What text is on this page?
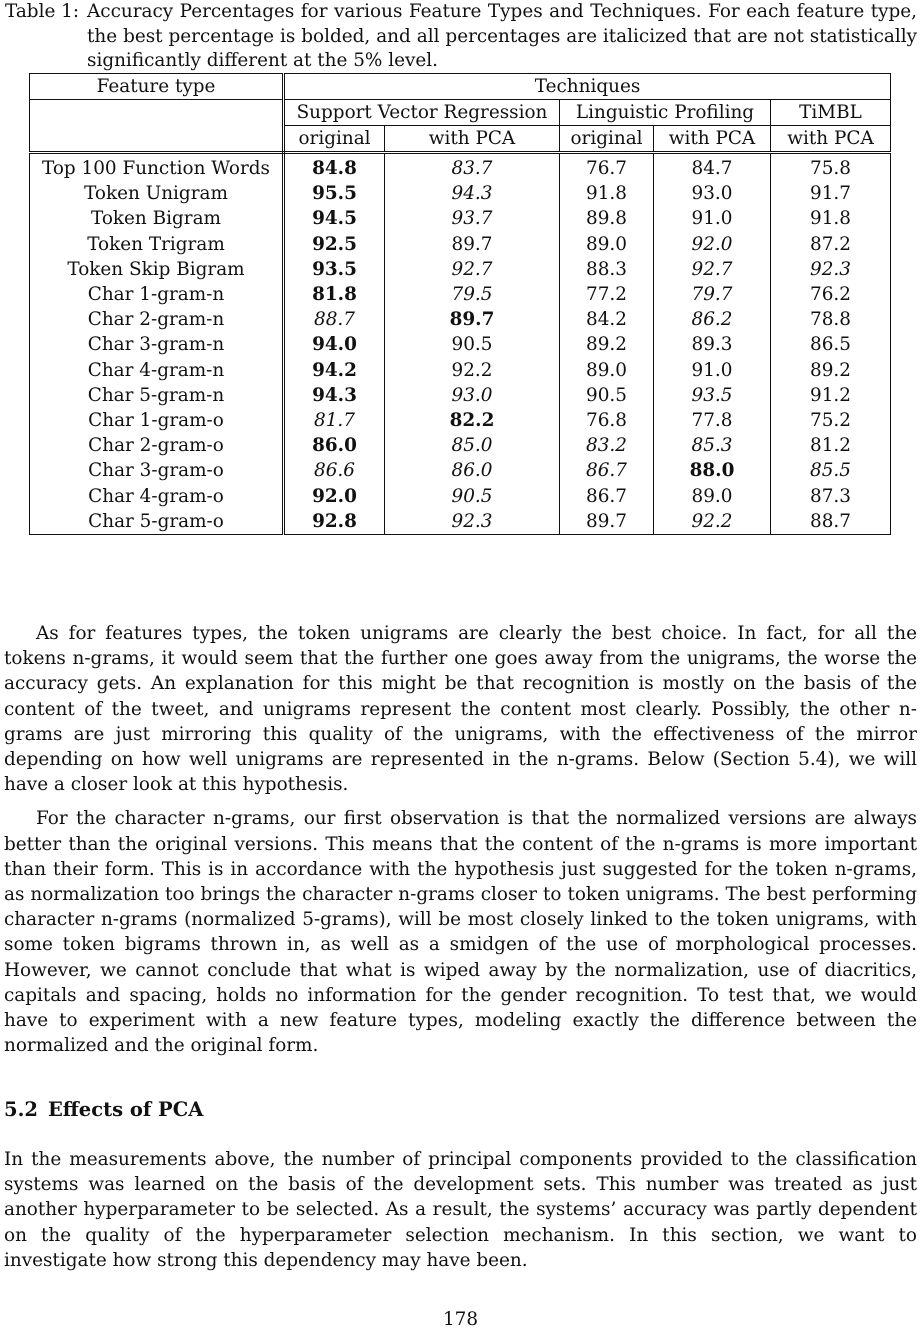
Table 1: Accuracy Percentages for various Feature Types and Techniques. For each feature type, the best percentage is bolded, and all percentages are italicized that are not statistically significantly different at the 5% level.
Feature type	Techniques				
	Support Vector Regression		Linguistic Profiling		TiMBL
	original	with PCA	original	with PCA	with PCA
Top 100 Function Words	84.8	83.7	76.7	84.7	75.8
Token Unigram	95.5	94.3	91.8	93.0	91.7
Token Bigram	94.5	93.7	89.8	91.0	91.8
Token Trigram	92.5	89.7	89.0	92.0	87.2
Token Skip Bigram	93.5	92.7	88.3	92.7	92.3
Char 1-gram-n	81.8	79.5	77.2	79.7	76.2
Char 2-gram-n	88.7	89.7	84.2	86.2	78.8
Char 3-gram-n	94.0	90.5	89.2	89.3	86.5
Char 4-gram-n	94.2	92.2	89.0	91.0	89.2
Char 5-gram-n	94.3	93.0	90.5	93.5	91.2
Char 1-gram-o	81.7	82.2	76.8	77.8	75.2
Char 2-gram-o	86.0	85.0	83.2	85.3	81.2
Char 3-gram-o	86.6	86.0	86.7	88.0	85.5
Char 4-gram-o	92.0	90.5	86.7	89.0	87.3
Char 5-gram-o	92.8	92.3	89.7	92.2	88.7

As for features types, the token unigrams are clearly the best choice. In fact, for all the tokens n-grams, it would seem that the further one goes away from the unigrams, the worse the accuracy gets. An explanation for this might be that recognition is mostly on the basis of the content of the tweet, and unigrams represent the content most clearly. Possibly, the other n-grams are just mirroring this quality of the unigrams, with the effectiveness of the mirror depending on how well unigrams are represented in the n-grams. Below (Section 5.4), we will have a closer look at this hypothesis.

For the character n-grams, our first observation is that the normalized versions are always better than the original versions. This means that the content of the n-grams is more important than their form. This is in accordance with the hypothesis just suggested for the token n-grams, as normalization too brings the character n-grams closer to token unigrams. The best performing character n-grams (normalized 5-grams), will be most closely linked to the token unigrams, with some token bigrams thrown in, as well as a smidgen of the use of morphological processes. However, we cannot conclude that what is wiped away by the normalization, use of diacritics, capitals and spacing, holds no information for the gender recognition. To test that, we would have to experiment with a new feature types, modeling exactly the difference between the normalized and the original form.

5.2 Effects of PCA

In the measurements above, the number of principal components provided to the classification systems was learned on the basis of the development sets. This number was treated as just another hyperparameter to be selected. As a result, the systems’ accuracy was partly dependent on the quality of the hyperparameter selection mechanism. In this section, we want to investigate how strong this dependency may have been.

178
